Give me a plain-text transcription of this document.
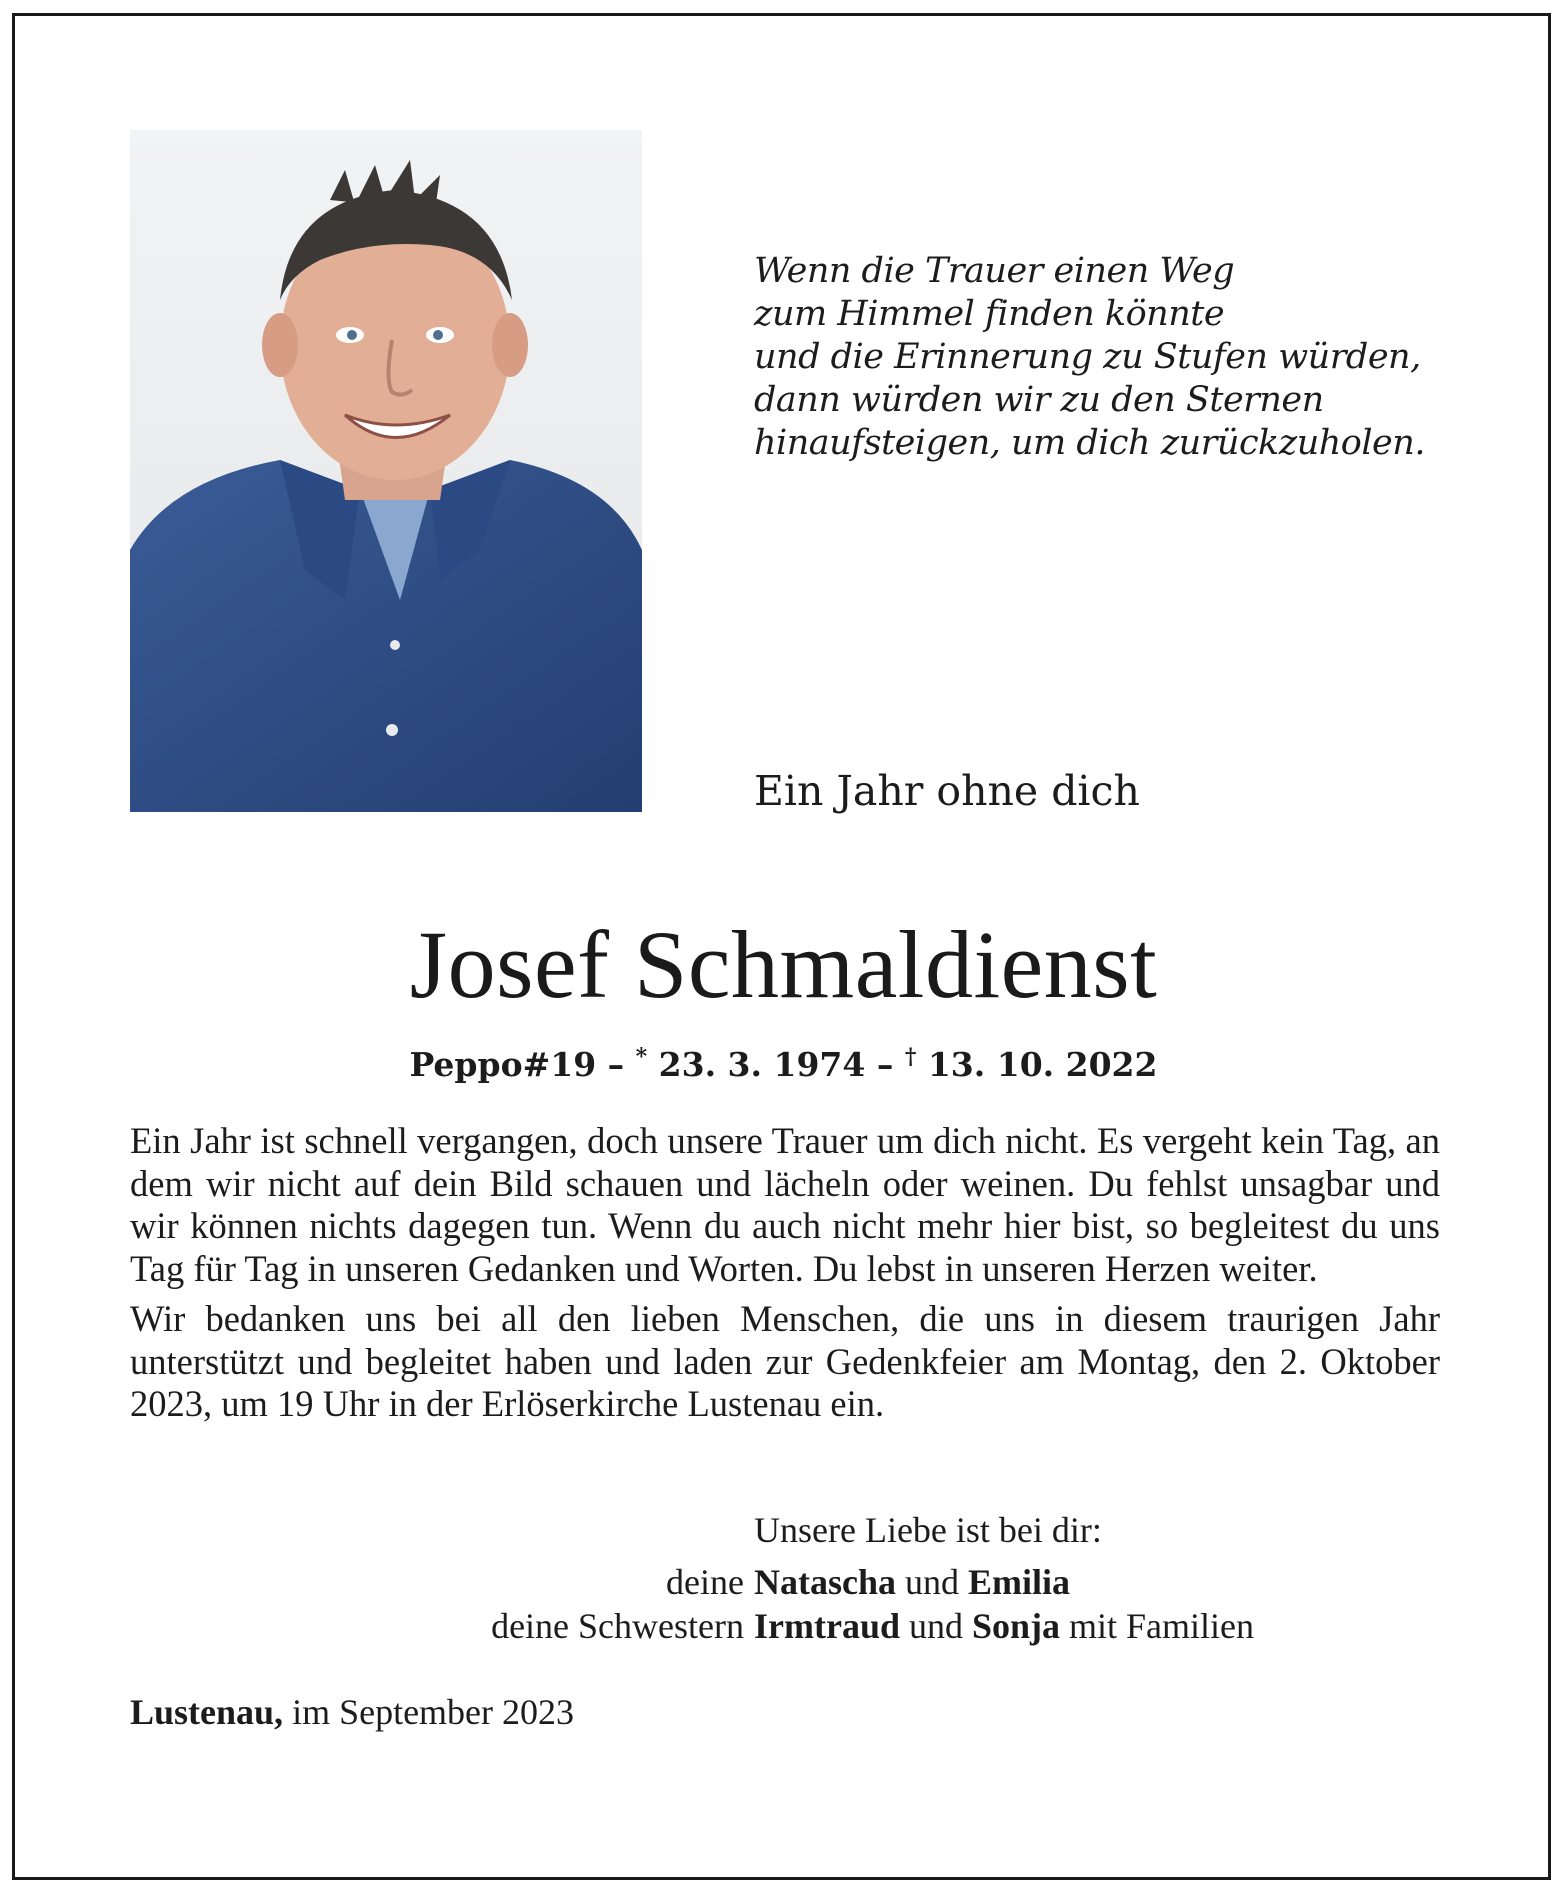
Wenn die Trauer einen Weg
zum Himmel finden könnte
und die Erinnerung zu Stufen würden,
dann würden wir zu den Sternen
hinaufsteigen, um dich zurückzuholen.
Ein Jahr ohne dich
Josef Schmaldienst
Peppo#19 – * 23. 3. 1974 – † 13. 10. 2022

Ein Jahr ist schnell vergangen, doch unsere Trauer um dich nicht. Es vergeht kein Tag, an dem wir nicht auf dein Bild schauen und lächeln oder weinen. Du fehlst unsagbar und wir können nichts dagegen tun. Wenn du auch nicht mehr hier bist, so begleitest du uns Tag für Tag in unseren Gedanken und Worten. Du lebst in unseren Herzen weiter.

Wir bedanken uns bei all den lieben Menschen, die uns in diesem traurigen Jahr unterstützt und begleitet haben und laden zur Gedenkfeier am Montag, den 2. Oktober 2023, um 19 Uhr in der Erlöserkirche Lustenau ein.

Unsere Liebe ist bei dir:
deine Natascha und Emilia
deine Schwestern Irmtraud und Sonja mit Familien
Lustenau, im September 2023
